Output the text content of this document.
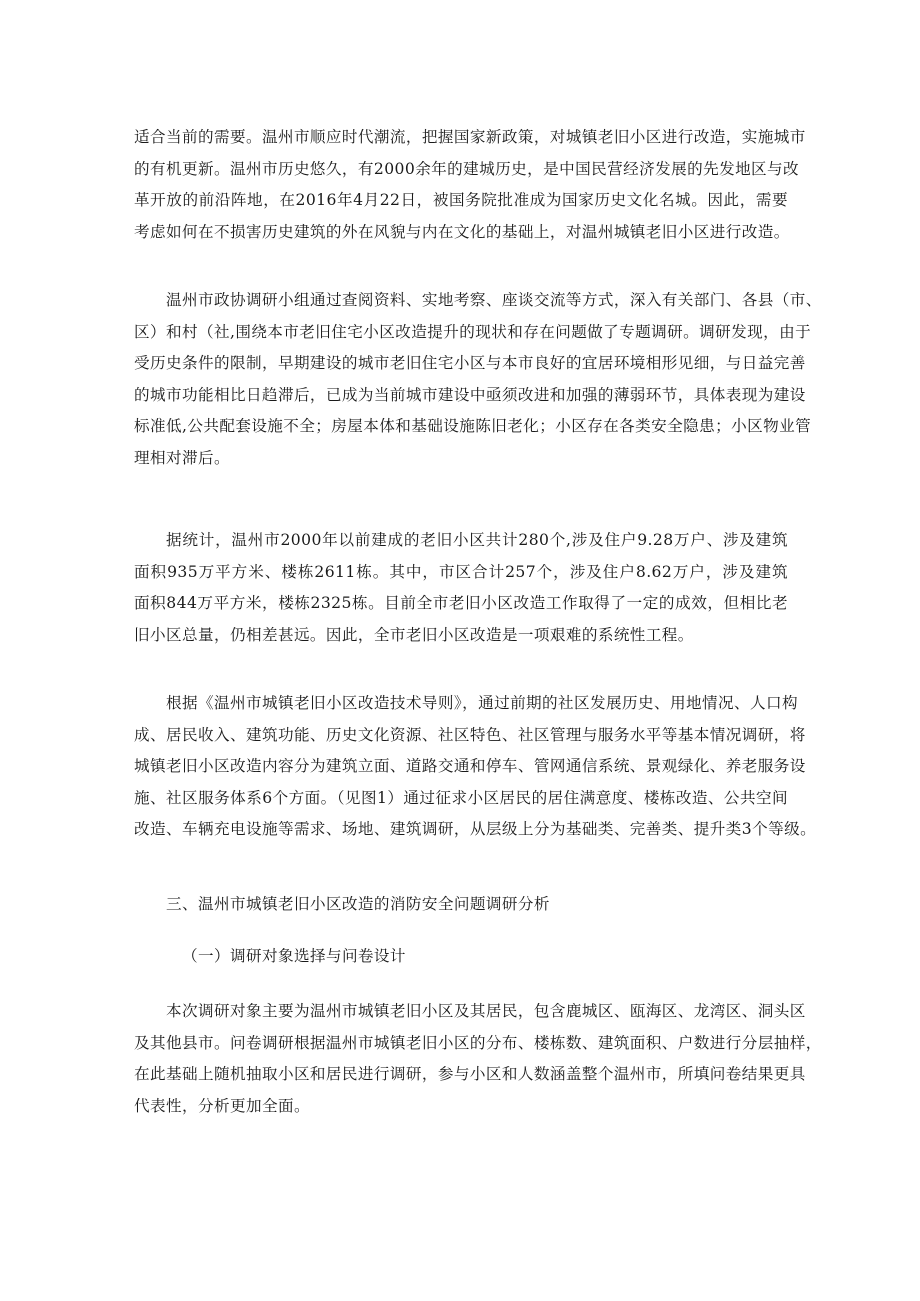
适合当前的需要。温州市顺应时代潮流，把握国家新政策，对城镇老旧小区进行改造，实施城市
的有机更新。温州市历史悠久，有2000余年的建城历史，是中国民营经济发展的先发地区与改
革开放的前沿阵地，在2016年4月22日，被国务院批准成为国家历史文化名城。因此，需要
考虑如何在不损害历史建筑的外在风貌与内在文化的基础上，对温州城镇老旧小区进行改造。
温州市政协调研小组通过查阅资料、实地考察、座谈交流等方式，深入有关部门、各县（市、
区）和村（社,围绕本市老旧住宅小区改造提升的现状和存在问题做了专题调研。调研发现，由于
受历史条件的限制，早期建设的城市老旧住宅小区与本市良好的宜居环境相形见细，与日益完善
的城市功能相比日趋滞后，已成为当前城市建设中亟须改进和加强的薄弱环节，具体表现为建设
标准低,公共配套设施不全；房屋本体和基础设施陈旧老化；小区存在各类安全隐患；小区物业管
理相对滞后。
据统计，温州市2000年以前建成的老旧小区共计280个,涉及住户9.28万户、涉及建筑
面积935万平方米、楼栋2611栋。其中，市区合计257个，涉及住户8.62万户，涉及建筑
面积844万平方米，楼栋2325栋。目前全市老旧小区改造工作取得了一定的成效，但相比老
旧小区总量，仍相差甚远。因此，全市老旧小区改造是一项艰难的系统性工程。
根据《温州市城镇老旧小区改造技术导则》，通过前期的社区发展历史、用地情况、人口构
成、居民收入、建筑功能、历史文化资源、社区特色、社区管理与服务水平等基本情况调研，将
城镇老旧小区改造内容分为建筑立面、道路交通和停车、管网通信系统、景观绿化、养老服务设
施、社区服务体系6个方面。（见图1）通过征求小区居民的居住满意度、楼栋改造、公共空间
改造、车辆充电设施等需求、场地、建筑调研，从层级上分为基础类、完善类、提升类3个等级。

三、温州市城镇老旧小区改造的消防安全问题调研分析

（一）调研对象选择与问卷设计

本次调研对象主要为温州市城镇老旧小区及其居民，包含鹿城区、瓯海区、龙湾区、洞头区
及其他县市。问卷调研根据温州市城镇老旧小区的分布、楼栋数、建筑面积、户数进行分层抽样，
在此基础上随机抽取小区和居民进行调研，参与小区和人数涵盖整个温州市，所填问卷结果更具
代表性，分析更加全面。
